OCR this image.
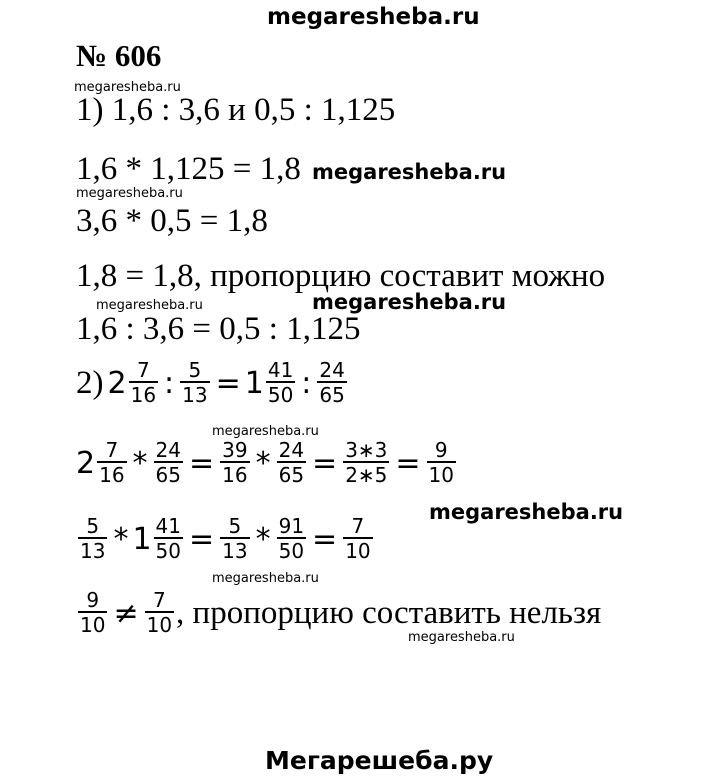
megaresheba.ru
№ 606
megaresheba.ru
megaresheba.ru
megaresheba.ru
megaresheba.ru	megaresheba.ru
megaresheba.ru
megaresheba.ru
megaresheba.ru
megaresheba.ru
1) 1,6 : 3,6 и 0,5 : 1,125
1,6 * 1,125 = 1,8
3,6 * 0,5 = 1,8
1,8 = 1,8, пропорцию составит можно
1,6 : 3,6 = 0,5 : 1,125
2) $2 \frac{7}{16}$ : $\frac{5}{13} = 1 \frac{41}{50}$ : $\frac{24}{65}$
$2 \frac{7}{16} * \frac{24}{65} = \frac{39}{16} * \frac{24}{65} = \frac{3∗3}{2∗5} = \frac{9}{10}$
$\frac{5}{13} * 1 \frac{41}{50} = \frac{5}{13} * \frac{91}{50} = \frac{7}{10}$
$\frac{9}{10} \ne \frac{7}{10}$ , пропорцию составить нельзя
Мегарешеба.ру
